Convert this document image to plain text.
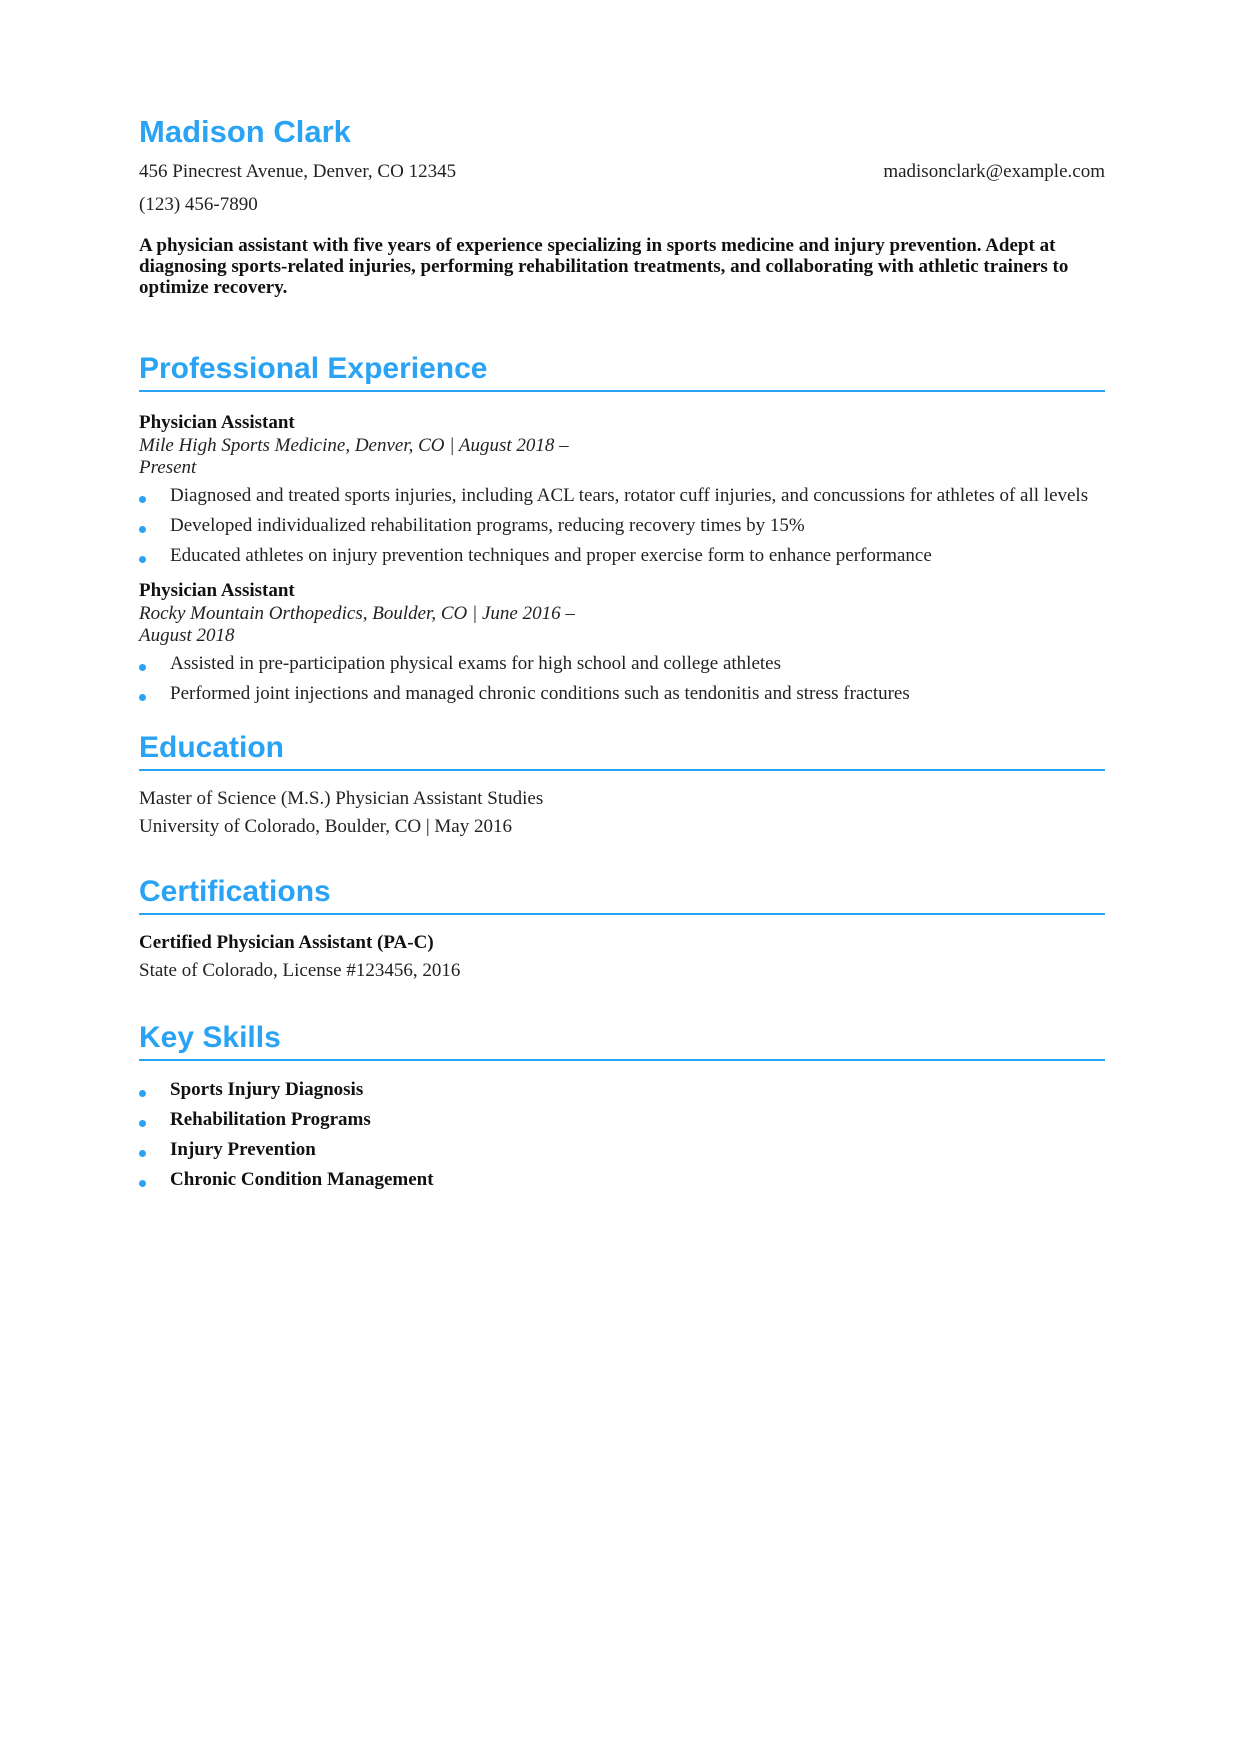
Madison Clark
456 Pinecrest Avenue, Denver, CO 12345	madisonclark@example.com
(123) 456-7890
A physician assistant with five years of experience specializing in sports medicine and injury prevention. Adept at diagnosing sports-related injuries, performing rehabilitation treatments, and collaborating with athletic trainers to optimize recovery.
Professional Experience
Physician Assistant
Mile High Sports Medicine, Denver, CO | August 2018 – Present
Diagnosed and treated sports injuries, including ACL tears, rotator cuff injuries, and concussions for athletes of all levels
Developed individualized rehabilitation programs, reducing recovery times by 15%
Educated athletes on injury prevention techniques and proper exercise form to enhance performance
Physician Assistant
Rocky Mountain Orthopedics, Boulder, CO | June 2016 – August 2018
Assisted in pre-participation physical exams for high school and college athletes
Performed joint injections and managed chronic conditions such as tendonitis and stress fractures
Education
Master of Science (M.S.) Physician Assistant Studies
University of Colorado, Boulder, CO | May 2016
Certifications
Certified Physician Assistant (PA-C)
State of Colorado, License #123456, 2016
Key Skills
Sports Injury Diagnosis
Rehabilitation Programs
Injury Prevention
Chronic Condition Management
